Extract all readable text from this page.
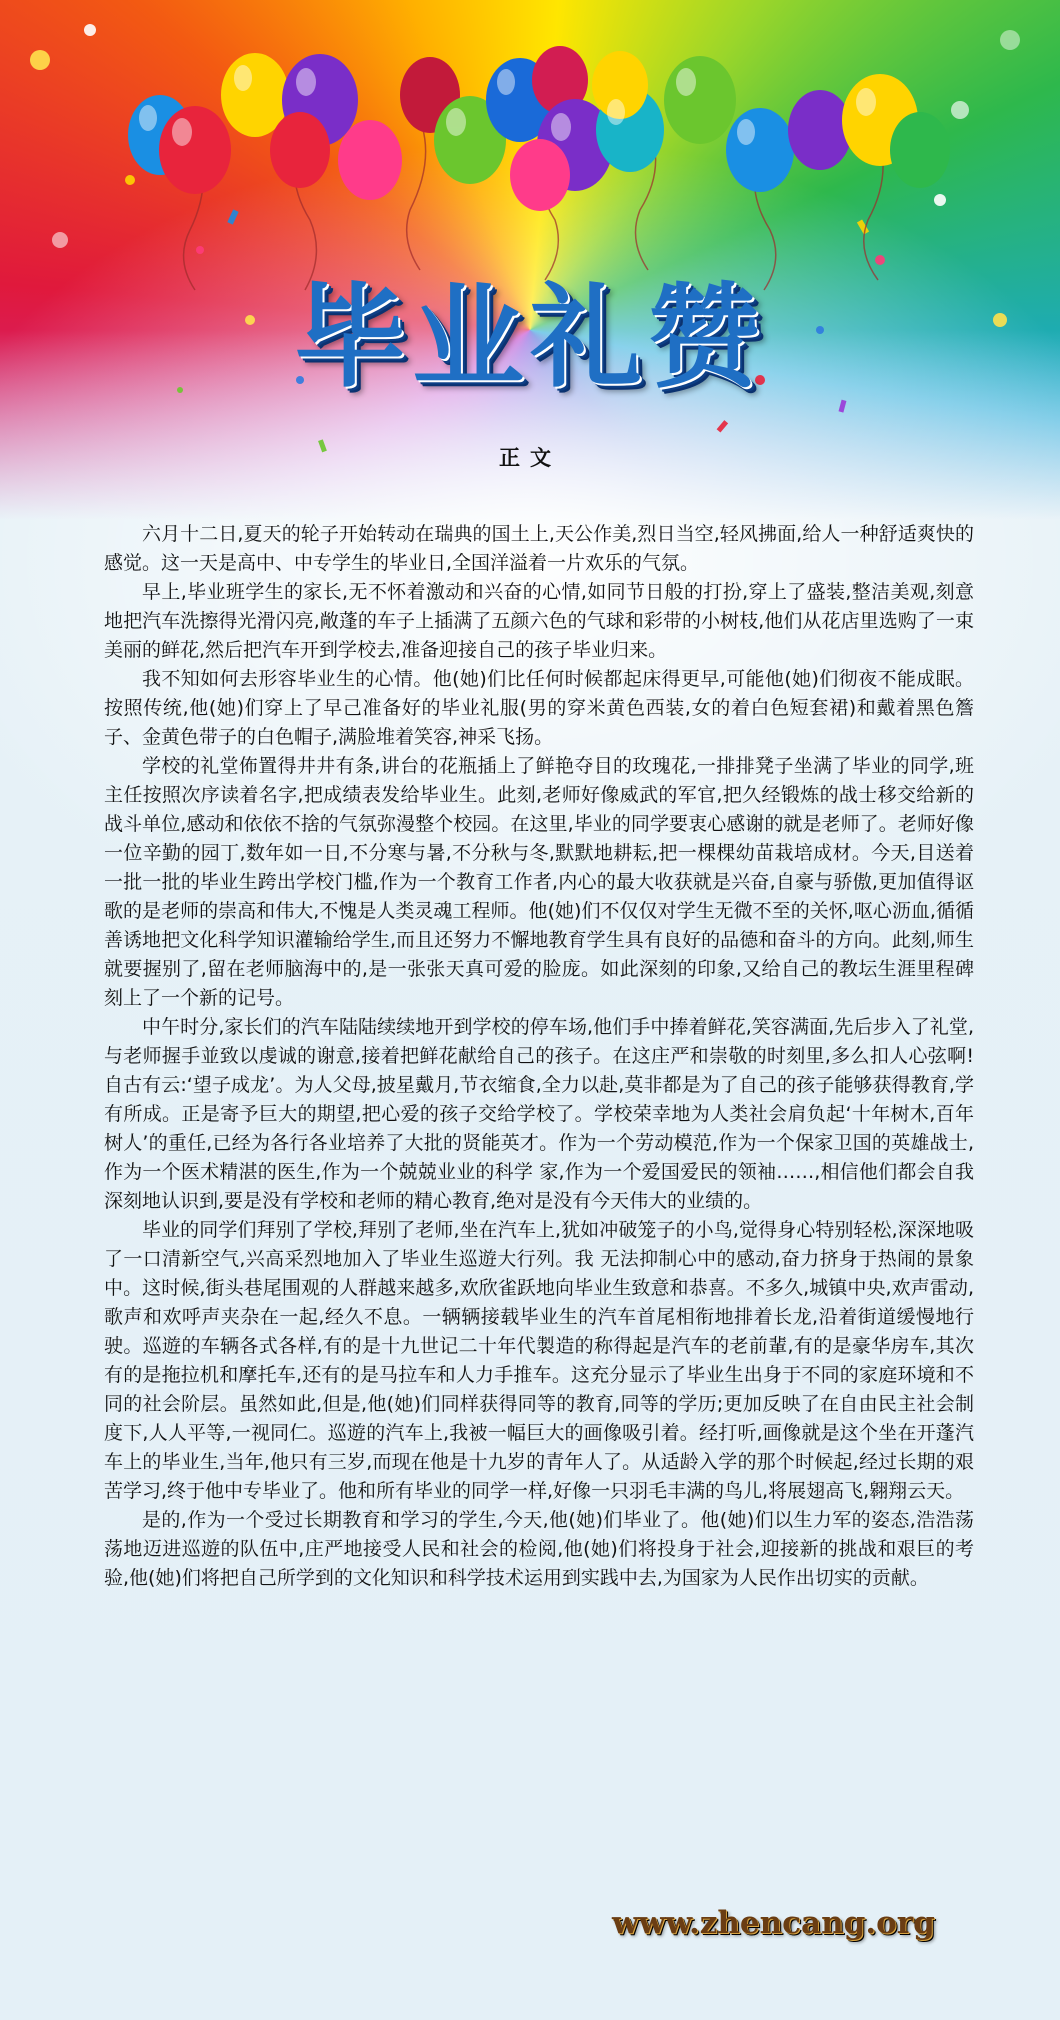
毕业礼赞
正文

六月十二日,夏天的轮子开始转动在瑞典的国土上,天公作美,烈日当空,轻风拂面,给人一种舒适爽快的感觉。这一天是高中、中专学生的毕业日,全国洋溢着一片欢乐的气氛。

早上,毕业班学生的家长,无不怀着激动和兴奋的心情,如同节日般的打扮,穿上了盛装,整洁美观,刻意地把汽车洗擦得光滑闪亮,敞蓬的车子上插满了五颜六色的气球和彩带的小树枝,他们从花店里选购了一束美丽的鲜花,然后把汽车开到学校去,准备迎接自己的孩子毕业归来。

我不知如何去形容毕业生的心情。他(她)们比任何时候都起床得更早,可能他(她)们彻夜不能成眠。按照传统,他(她)们穿上了早己准备好的毕业礼服(男的穿米黄色西装,女的着白色短套裙)和戴着黑色簷子、金黄色带子的白色帽子,满脸堆着笑容,神采飞扬。

学校的礼堂佈置得井井有条,讲台的花瓶插上了鲜艳夺目的玫瑰花,一排排凳子坐满了毕业的同学,班主任按照次序读着名字,把成绩表发给毕业生。此刻,老师好像威武的军官,把久经锻炼的战士移交给新的战斗单位,感动和依依不捨的气氛弥漫整个校园。在这里,毕业的同学要衷心感谢的就是老师了。老师好像一位辛勤的园丁,数年如一日,不分寒与暑,不分秋与冬,默默地耕耘,把一棵棵幼苗栽培成材。今天,目送着一批一批的毕业生跨出学校门槛,作为一个教育工作者,内心的最大收获就是兴奋,自豪与骄傲,更加值得讴歌的是老师的崇高和伟大,不愧是人类灵魂工程师。他(她)们不仅仅对学生无微不至的关怀,呕心沥血,循循善诱地把文化科学知识灌输给学生,而且还努力不懈地教育学生具有良好的品德和奋斗的方向。此刻,师生就要握别了,留在老师脑海中的,是一张张天真可爱的脸庞。如此深刻的印象,又给自己的教坛生涯里程碑刻上了一个新的记号。

中午时分,家长们的汽车陆陆续续地开到学校的停车场,他们手中捧着鲜花,笑容满面,先后步入了礼堂,与老师握手並致以虔诚的谢意,接着把鲜花献给自己的孩子。在这庄严和崇敬的时刻里,多么扣人心弦啊!自古有云:‘望子成龙’。为人父母,披星戴月,节衣缩食,全力以赴,莫非都是为了自己的孩子能够获得教育,学有所成。正是寄予巨大的期望,把心爱的孩子交给学校了。学校荣幸地为人类社会肩负起‘十年树木,百年树人’的重任,已经为各行各业培养了大批的贤能英才。作为一个劳动模范,作为一个保家卫国的英雄战士,作为一个医术精湛的医生,作为一个兢兢业业的科学 家,作为一个爱国爱民的领袖……,相信他们都会自我深刻地认识到,要是没有学校和老师的精心教育,绝对是没有今天伟大的业绩的。

毕业的同学们拜别了学校,拜别了老师,坐在汽车上,犹如冲破笼子的小鸟,觉得身心特别轻松,深深地吸了一口清新空气,兴高采烈地加入了毕业生巡遊大行列。我 无法抑制心中的感动,奋力挤身于热闹的景象中。这时候,街头巷尾围观的人群越来越多,欢欣雀跃地向毕业生致意和恭喜。不多久,城镇中央,欢声雷动,歌声和欢呼声夹杂在一起,经久不息。一辆辆接载毕业生的汽车首尾相衔地排着长龙,沿着街道缓慢地行驶。巡遊的车辆各式各样,有的是十九世记二十年代製造的称得起是汽车的老前輩,有的是豪华房车,其次有的是拖拉机和摩托车,还有的是马拉车和人力手推车。这充分显示了毕业生出身于不同的家庭环境和不同的社会阶层。虽然如此,但是,他(她)们同样获得同等的教育,同等的学历;更加反映了在自由民主社会制度下,人人平等,一视同仁。巡遊的汽车上,我被一幅巨大的画像吸引着。经打听,画像就是这个坐在开蓬汽车上的毕业生,当年,他只有三岁,而现在他是十九岁的青年人了。从适龄入学的那个时候起,经过长期的艰苦学习,终于他中专毕业了。他和所有毕业的同学一样,好像一只羽毛丰满的鸟儿,将展翅高飞,翱翔云天。

是的,作为一个受过长期教育和学习的学生,今天,他(她)们毕业了。他(她)们以生力军的姿态,浩浩荡荡地迈进巡遊的队伍中,庄严地接受人民和社会的检阅,他(她)们将投身于社会,迎接新的挑战和艰巨的考验,他(她)们将把自己所学到的文化知识和科学技术运用到实践中去,为国家为人民作出切实的贡献。

www.zhencang.org
